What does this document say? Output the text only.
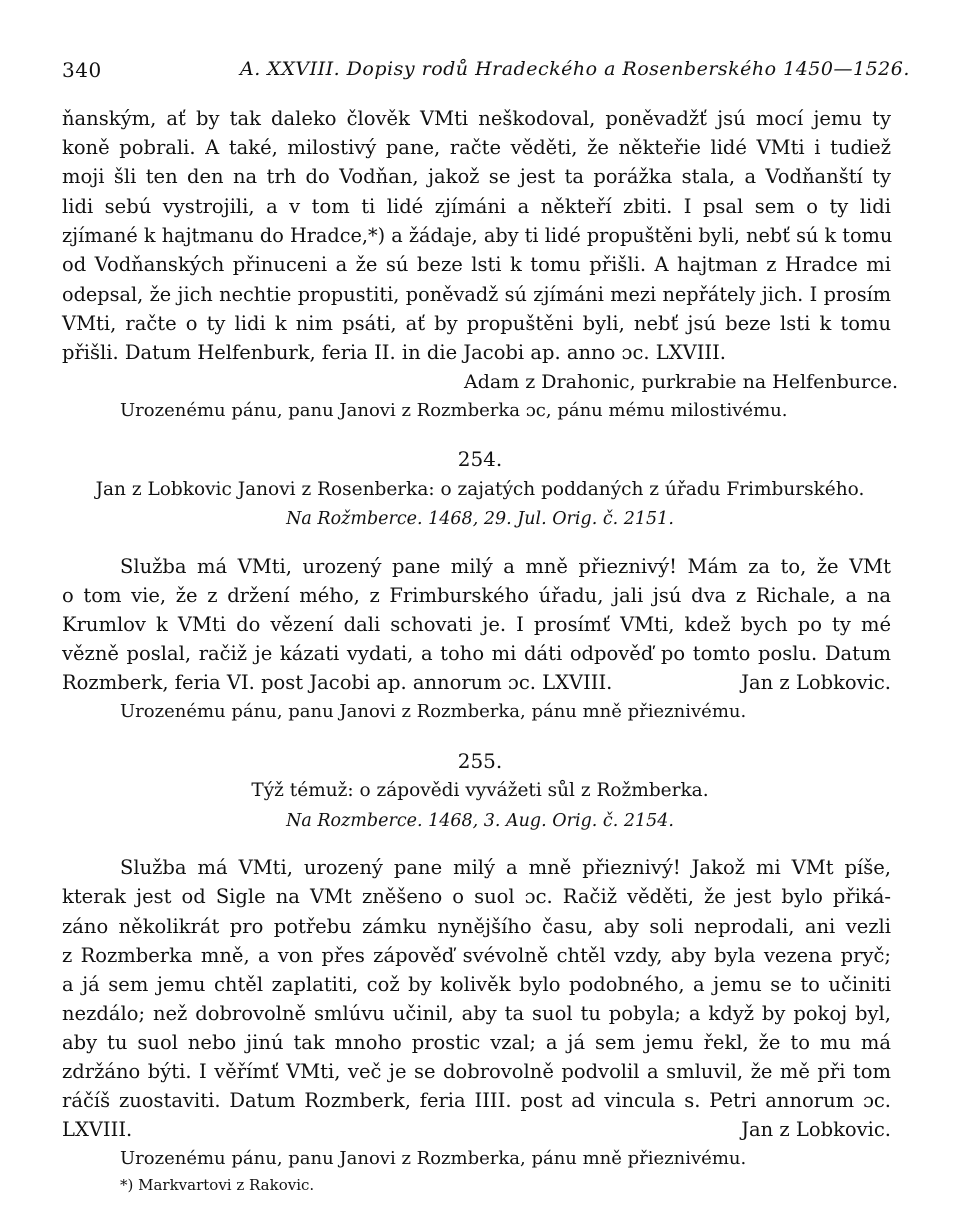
340	A. XXVIII. Dopisy rodů Hradeckého a Rosenberského 1450—1526.
ňanským, ať by tak daleko člověk VMti neškodoval, poněvadžť jsú mocí jemu ty
koně pobrali. A také, milostivý pane, račte věděti, že někteřie lidé VMti i tudiež
moji šli ten den na trh do Vodňan, jakož se jest ta porážka stala, a Vodňanští ty
lidi sebú vystrojili, a v tom ti lidé zjímáni a někteří zbiti. I psal sem o ty lidi
zjímané k hajtmanu do Hradce,*) a žádaje, aby ti lidé propuštěni byli, nebť sú k tomu
od Vodňanských přinuceni a že sú beze lsti k tomu přišli. A hajtman z Hradce mi
odepsal, že jich nechtie propustiti, poněvadž sú zjímáni mezi nepřátely jich. I prosím
VMti, račte o ty lidi k nim psáti, ať by propuštěni byli, nebť jsú beze lsti k tomu
přišli. Datum Helfenburk, feria II. in die Jacobi ap. anno ɔc. LXVIII.
Adam z Drahonic, purkrabie na Helfenburce.
Urozenému pánu, panu Janovi z Rozmberka ɔc, pánu mému milostivému.
254.
Jan z Lobkovic Janovi z Rosenberka: o zajatých poddaných z úřadu Frimburského.
Na Rožmberce. 1468, 29. Jul. Orig. č. 2151.
Služba má VMti, urozený pane milý a mně přieznivý! Mám za to, že VMt
o tom vie, že z držení mého, z Frimburského úřadu, jali jsú dva z Richale, a na
Krumlov k VMti do vězení dali schovati je. I prosímť VMti, kdež bych po ty mé
vězně poslal, račiž je kázati vydati, a toho mi dáti odpověď po tomto poslu. Datum
Rozmberk, feria VI. post Jacobi ap. annorum ɔc. LXVIII.	Jan z Lobkovic.
Urozenému pánu, panu Janovi z Rozmberka, pánu mně přieznivému.
255.
Týž témuž: o zápovědi vyvážeti sůl z Rožmberka.
Na Rozmberce. 1468, 3. Aug. Orig. č. 2154.
Služba má VMti, urozený pane milý a mně přieznivý! Jakož mi VMt píše,
kterak jest od Sigle na VMt zněšeno o suol ɔc. Račiž věděti, že jest bylo přiká-
záno několikrát pro potřebu zámku nynějšího času, aby soli neprodali, ani vezli
z Rozmberka mně, a von přes zápověď svévolně chtěl vzdy, aby byla vezena pryč;
a já sem jemu chtěl zaplatiti, což by kolivěk bylo podobného, a jemu se to učiniti
nezdálo; než dobrovolně smlúvu učinil, aby ta suol tu pobyla; a když by pokoj byl,
aby tu suol nebo jinú tak mnoho prostic vzal; a já sem jemu řekl, že to mu má
zdržáno býti. I věřímť VMti, več je se dobrovolně podvolil a smluvil, že mě při tom
ráčíš zuostaviti. Datum Rozmberk, feria IIII. post ad vincula s. Petri annorum ɔc.
LXVIII.	Jan z Lobkovic.
Urozenému pánu, panu Janovi z Rozmberka, pánu mně přieznivému.
*) Markvartovi z Rakovic.
